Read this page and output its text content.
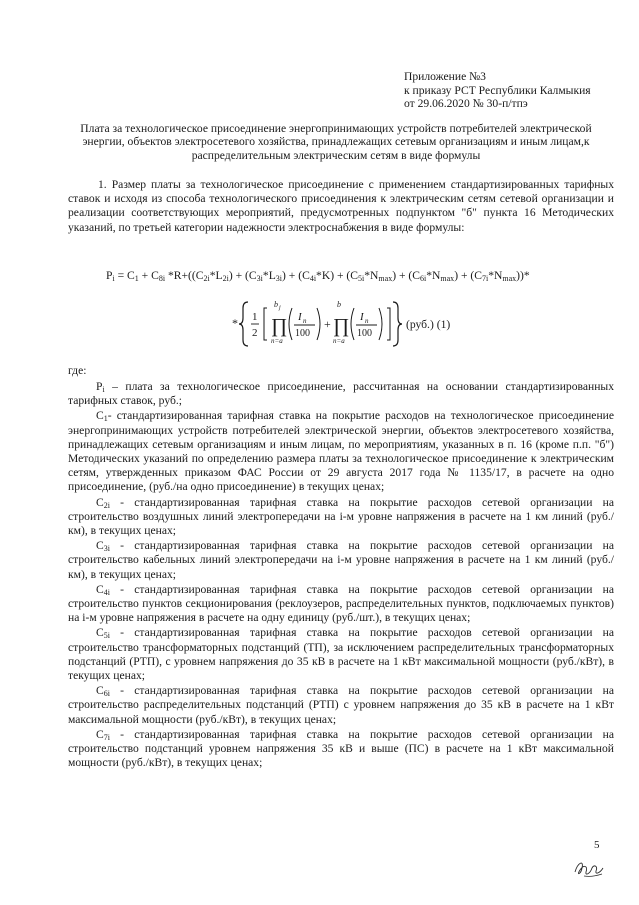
Приложение №3
к приказу РСТ Республики Калмыкия
от 29.06.2020 № 30-п/тпэ
Плата за технологическое присоединение энергопринимающих устройств потребителей электрической энергии, объектов электросетевого хозяйства, принадлежащих сетевым организациям и иным лицам,к распределительным электрическим сетям в виде формулы
1. Размер платы за технологическое присоединение с применением стандартизированных тарифных ставок и исходя из способа технологического присоединения к электрическим сетям сетевой организации и реализации соответствующих мероприятий, предусмотренных подпунктом "б" пункта 16 Методических указаний, по третьей категории надежности электроснабжения в виде формулы:
$P_i = C_1 + C_{8i}$ $*R+((C_{2i}*L_{2i}) + (C_{3i}*L_{3i}) + (C_{4i}*K) + (C_{5i}*N_{max}) + (C_{6i}*N_{max}) + (C_{7i}*N_{max}))*$
* 1
2
b j
∏
n=a
I n
100
+
b
∏
n=a
I n
100
(руб.) (1)
где:

$P_i$ – плата за технологическое присоединение, рассчитанная на основании стандартизированных тарифных ставок, руб.;

$C_1-$ стандартизированная тарифная ставка на покрытие расходов на технологическое присоединение энергопринимающих устройств потребителей электрической энергии, объектов электросетевого хозяйства, принадлежащих сетевым организациям и иным лицам, по мероприятиям, указанных в п. 16 (кроме п.п. "б") Методических указаний по определению размера платы за технологическое присоединение к электрическим сетям, утвержденных приказом ФАС России от 29 августа 2017 года № 1135/17, в расчете на одно присоединение, (руб./на одно присоединение) в текущих ценах;

$C_{2i}$ - стандартизированная тарифная ставка на покрытие расходов сетевой организации на строительство воздушных линий электропередачи на i-м уровне напряжения в расчете на 1 км линий (руб./км), в текущих ценах;

$C_{3i}$ - стандартизированная тарифная ставка на покрытие расходов сетевой организации на строительство кабельных линий электропередачи на i-м уровне напряжения в расчете на 1 км линий (руб./км), в текущих ценах;

$C_{4i}$ - стандартизированная тарифная ставка на покрытие расходов сетевой организации на строительство пунктов секционирования (реклоузеров, распределительных пунктов, подключаемых пунктов) на i-м уровне напряжения в расчете на одну единицу (руб./шт.), в текущих ценах;

$C_{5i}$ - стандартизированная тарифная ставка на покрытие расходов сетевой организации на строительство трансформаторных подстанций (ТП), за исключением распределительных трансформаторных подстанций (РТП), с уровнем напряжения до 35 кВ в расчете на 1 кВт максимальной мощности (руб./кВт), в текущих ценах;

$C_{6i}$ - стандартизированная тарифная ставка на покрытие расходов сетевой организации на строительство распределительных подстанций (РТП) с уровнем напряжения до 35 кВ в расчете на 1 кВт максимальной мощности (руб./кВт), в текущих ценах;

$C_{7i}$ - стандартизированная тарифная ставка на покрытие расходов сетевой организации на строительство подстанций уровнем напряжения 35 кВ и выше (ПС) в расчете на 1 кВт максимальной мощности (руб./кВт), в текущих ценах;

5
